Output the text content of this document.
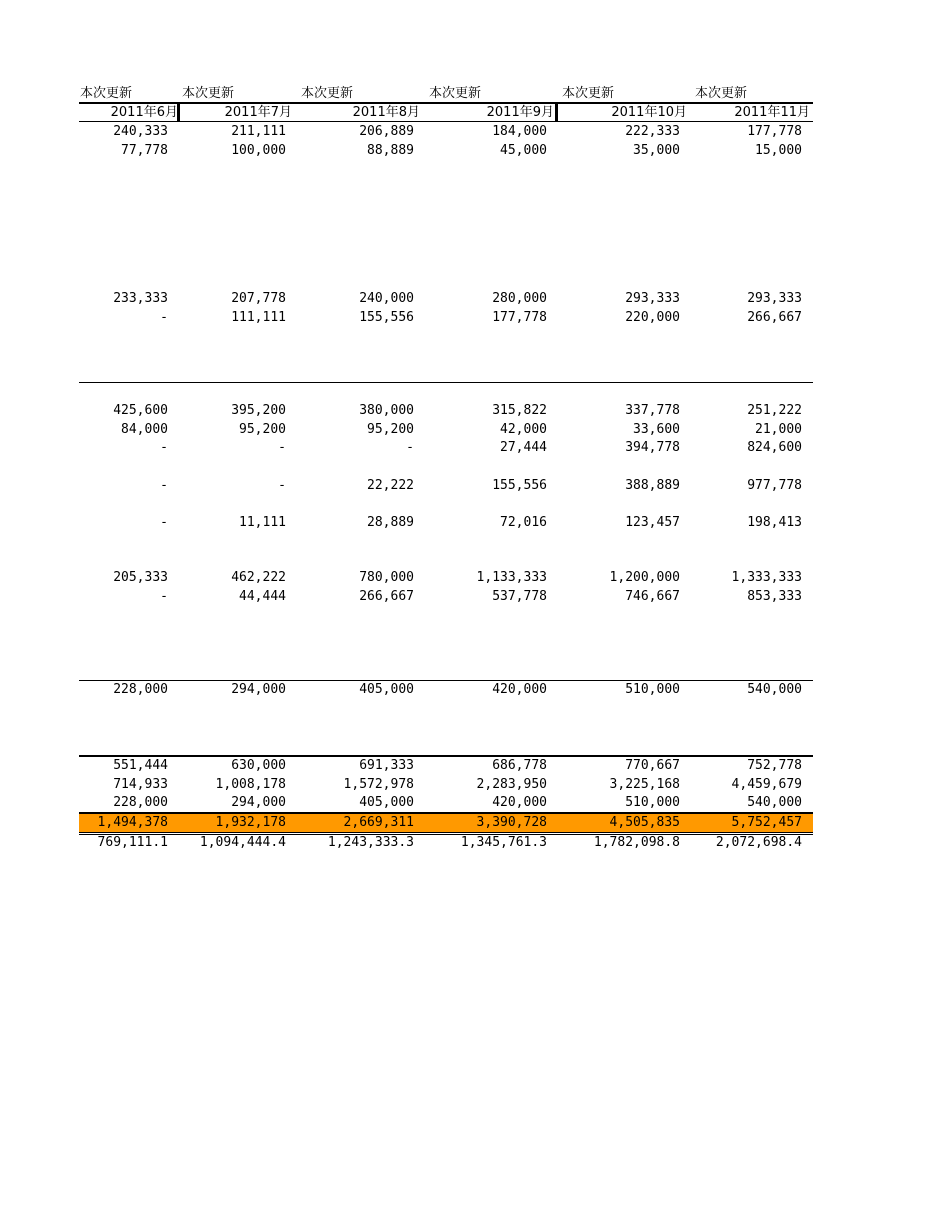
本次更新	本次更新	本次更新	本次更新	本次更新	本次更新
2011年6月	2011年7月	2011年8月	2011年9月	2011年10月	2011年11月
240,333	211,111	206,889	184,000	222,333	177,778
77,778	100,000	88,889	45,000	35,000	15,000
233,333	207,778	240,000	280,000	293,333	293,333
-	111,111	155,556	177,778	220,000	266,667
425,600	395,200	380,000	315,822	337,778	251,222
84,000	95,200	95,200	42,000	33,600	21,000
-	-	-	27,444	394,778	824,600
-	-	22,222	155,556	388,889	977,778
-	11,111	28,889	72,016	123,457	198,413
205,333	462,222	780,000	1,133,333	1,200,000	1,333,333
-	44,444	266,667	537,778	746,667	853,333
228,000	294,000	405,000	420,000	510,000	540,000
551,444	630,000	691,333	686,778	770,667	752,778
714,933	1,008,178	1,572,978	2,283,950	3,225,168	4,459,679
228,000	294,000	405,000	420,000	510,000	540,000
1,494,378	1,932,178	2,669,311	3,390,728	4,505,835	5,752,457
769,111.1	1,094,444.4	1,243,333.3	1,345,761.3	1,782,098.8	2,072,698.4
